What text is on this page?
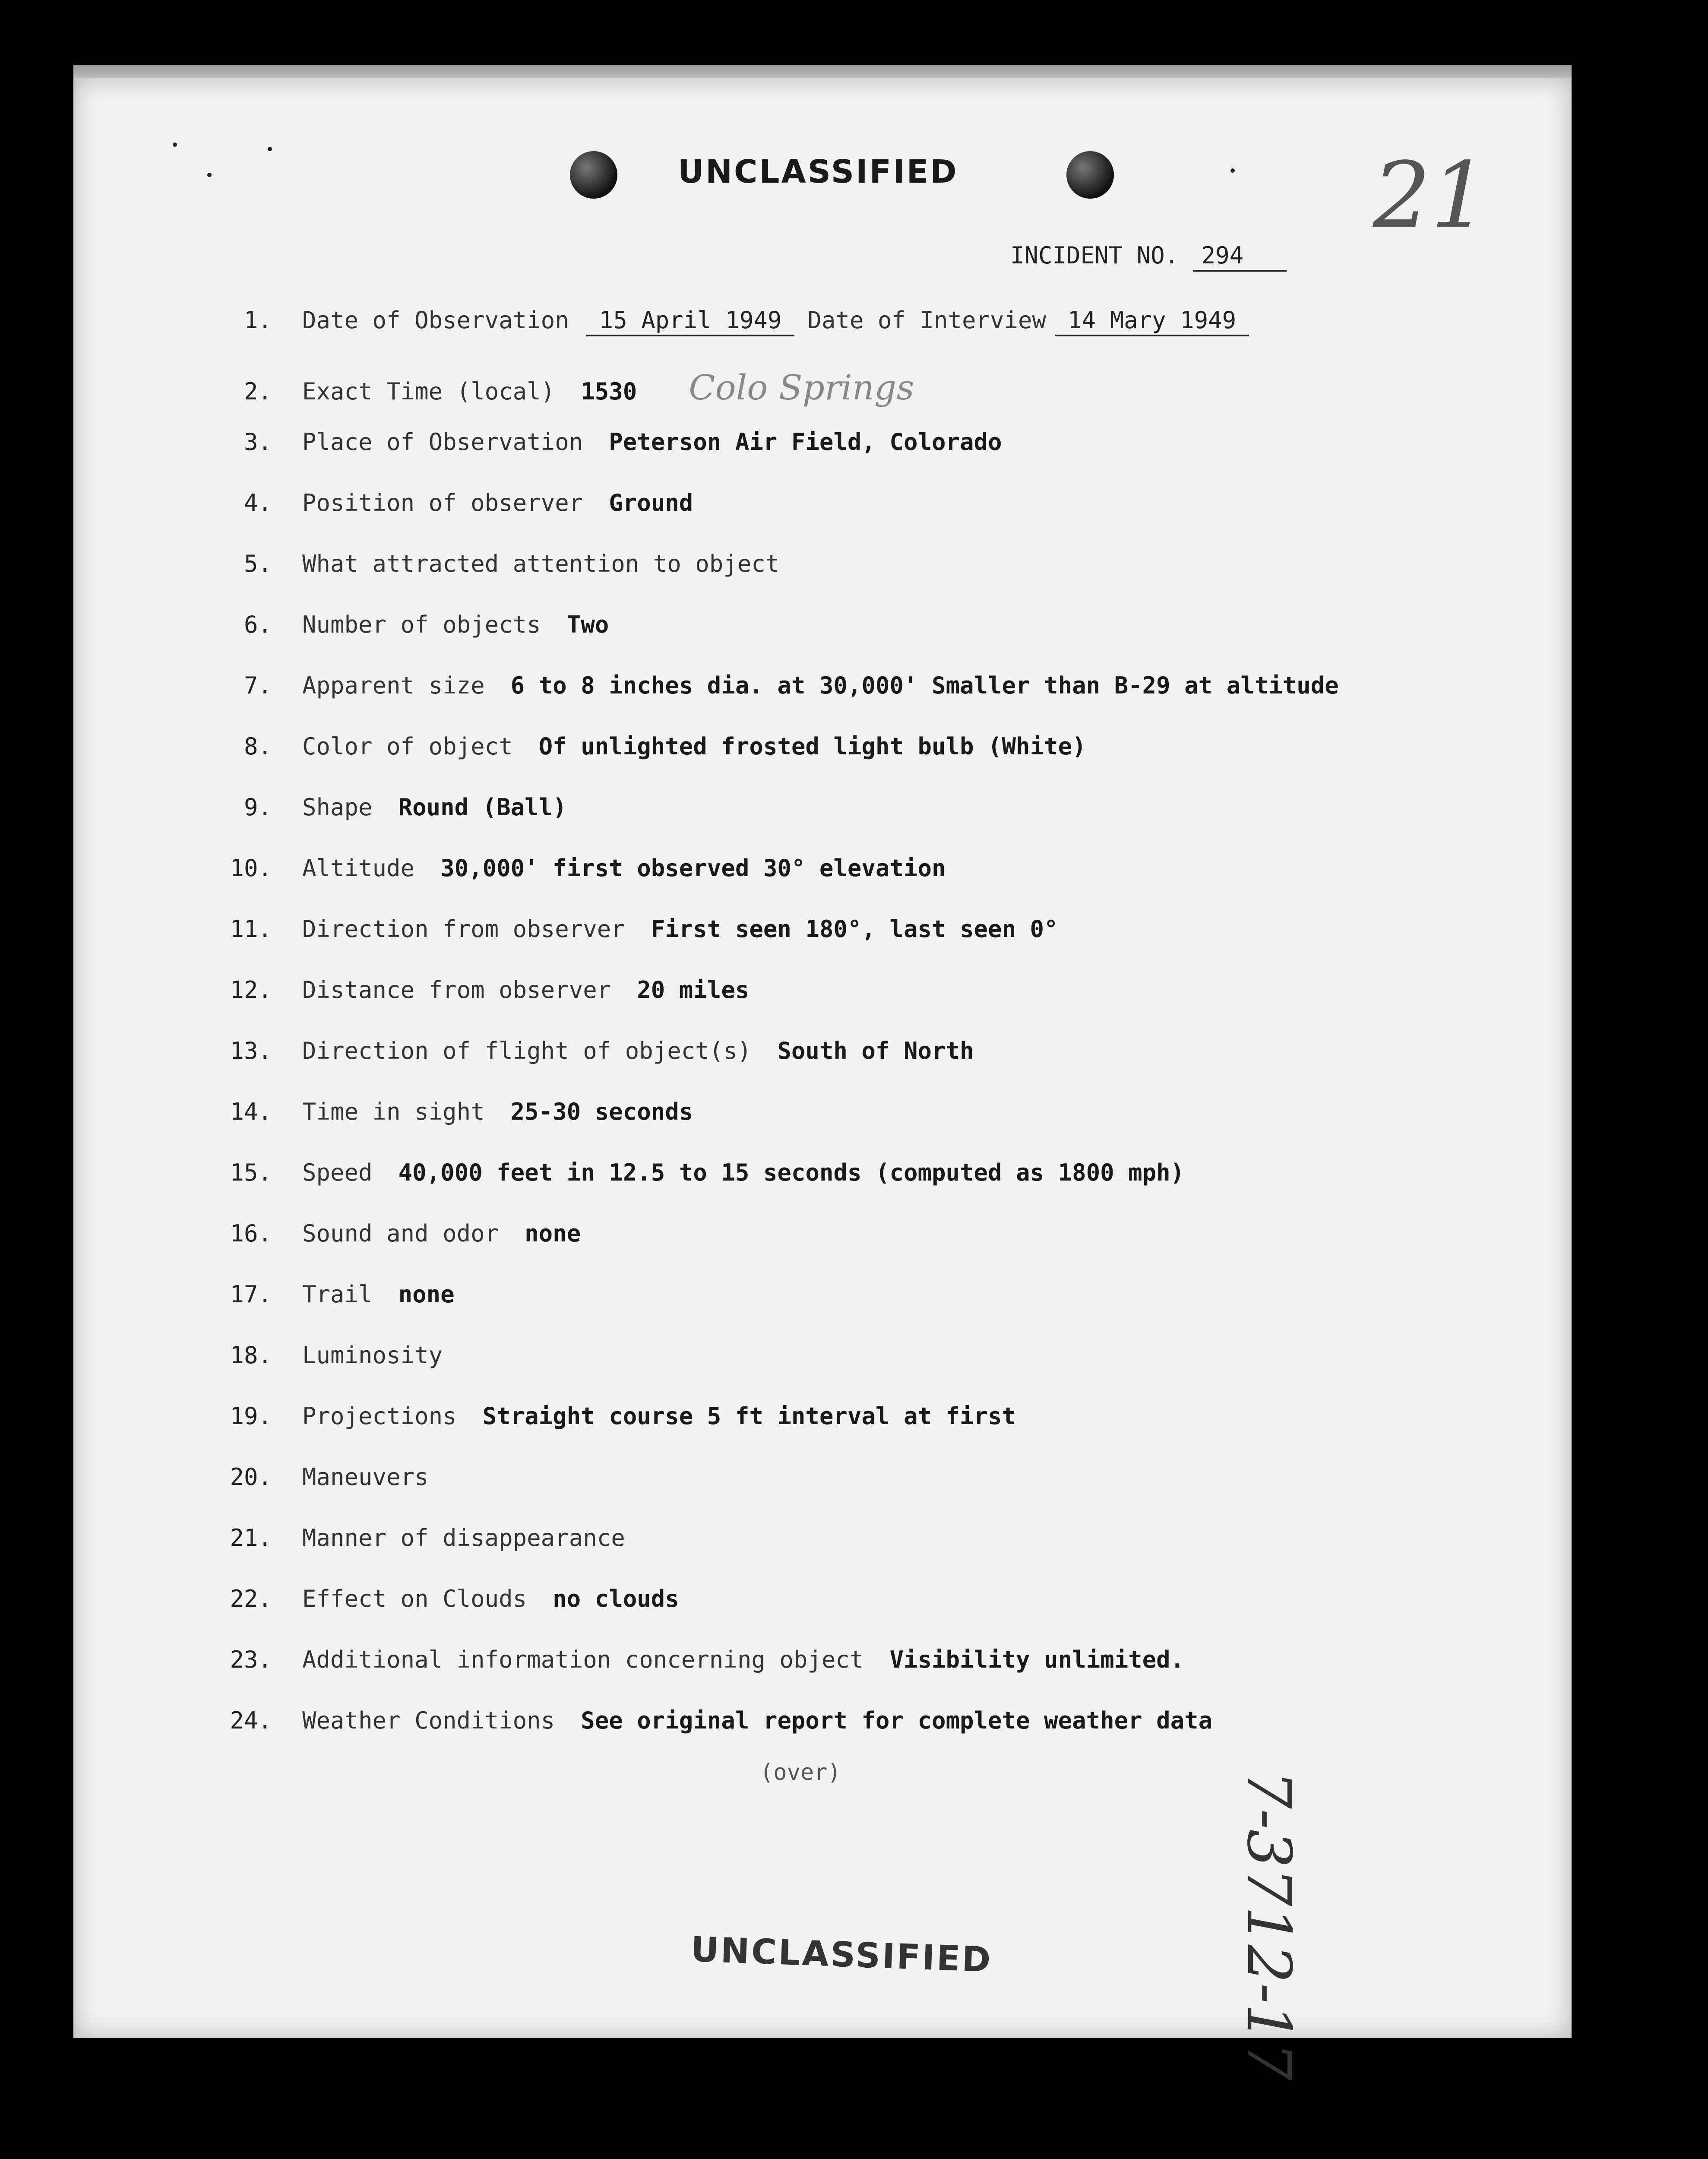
UNCLASSIFIED	21
INCIDENT NO. 294
1. Date of Observation 15 April 1949 Date of Interview 14 Mary 1949
2. Exact Time (local) 1530 Colo Springs
3. Place of Observation Peterson Air Field, Colorado
4. Position of observer Ground
5. What attracted attention to object
6. Number of objects Two
7. Apparent size 6 to 8 inches dia. at 30,000' Smaller than B-29 at altitude
8. Color of object Of unlighted frosted light bulb (White)
9. Shape Round (Ball)
10. Altitude 30,000' first observed 30° elevation
11. Direction from observer First seen 180°, last seen 0°
12. Distance from observer 20 miles
13. Direction of flight of object(s) South of North
14. Time in sight 25-30 seconds
15. Speed 40,000 feet in 12.5 to 15 seconds (computed as 1800 mph)
16. Sound and odor none
17. Trail none
18. Luminosity
19. Projections Straight course 5 ft interval at first
20. Maneuvers
21. Manner of disappearance
22. Effect on Clouds no clouds
23. Additional information concerning object Visibility unlimited.
24. Weather Conditions See original report for complete weather data
(over)
UNCLASSIFIED	7-3712-17
